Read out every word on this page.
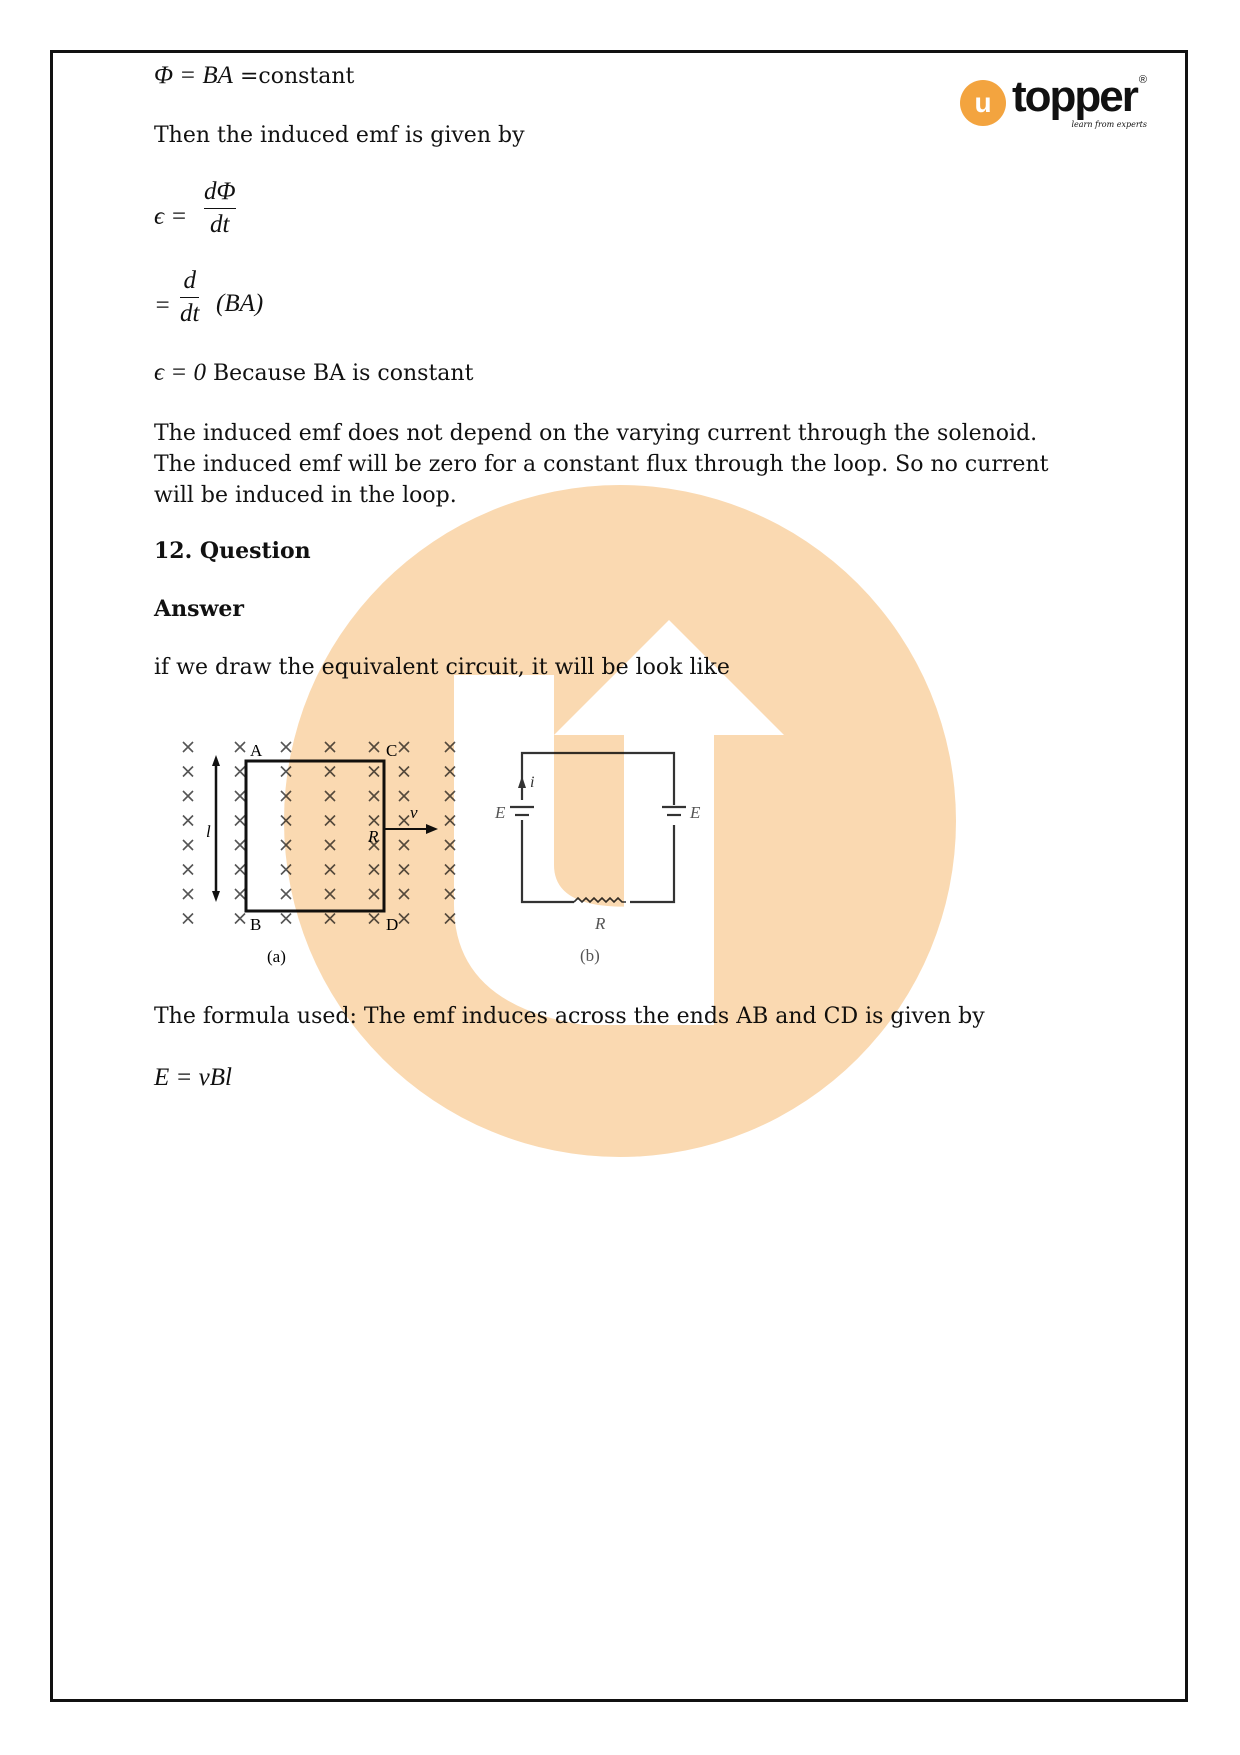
u topper ®
learn from experts
Φ = BA =constant
Then the induced emf is given by
ϵ =
dΦ
dt
=
d
dt (BA)
ϵ = 0 Because BA is constant
The induced emf does not depend on the varying current through the solenoid. The induced emf will be zero for a constant flux through the loop. So no current will be induced in the loop.
12. Question
Answer
if we draw the equivalent circuit, it will be look like
l
A
B
C
D
R
v
(a)
E	E
i
R
(b)
The formula used: The emf induces across the ends AB and CD is given by
E = vBl
